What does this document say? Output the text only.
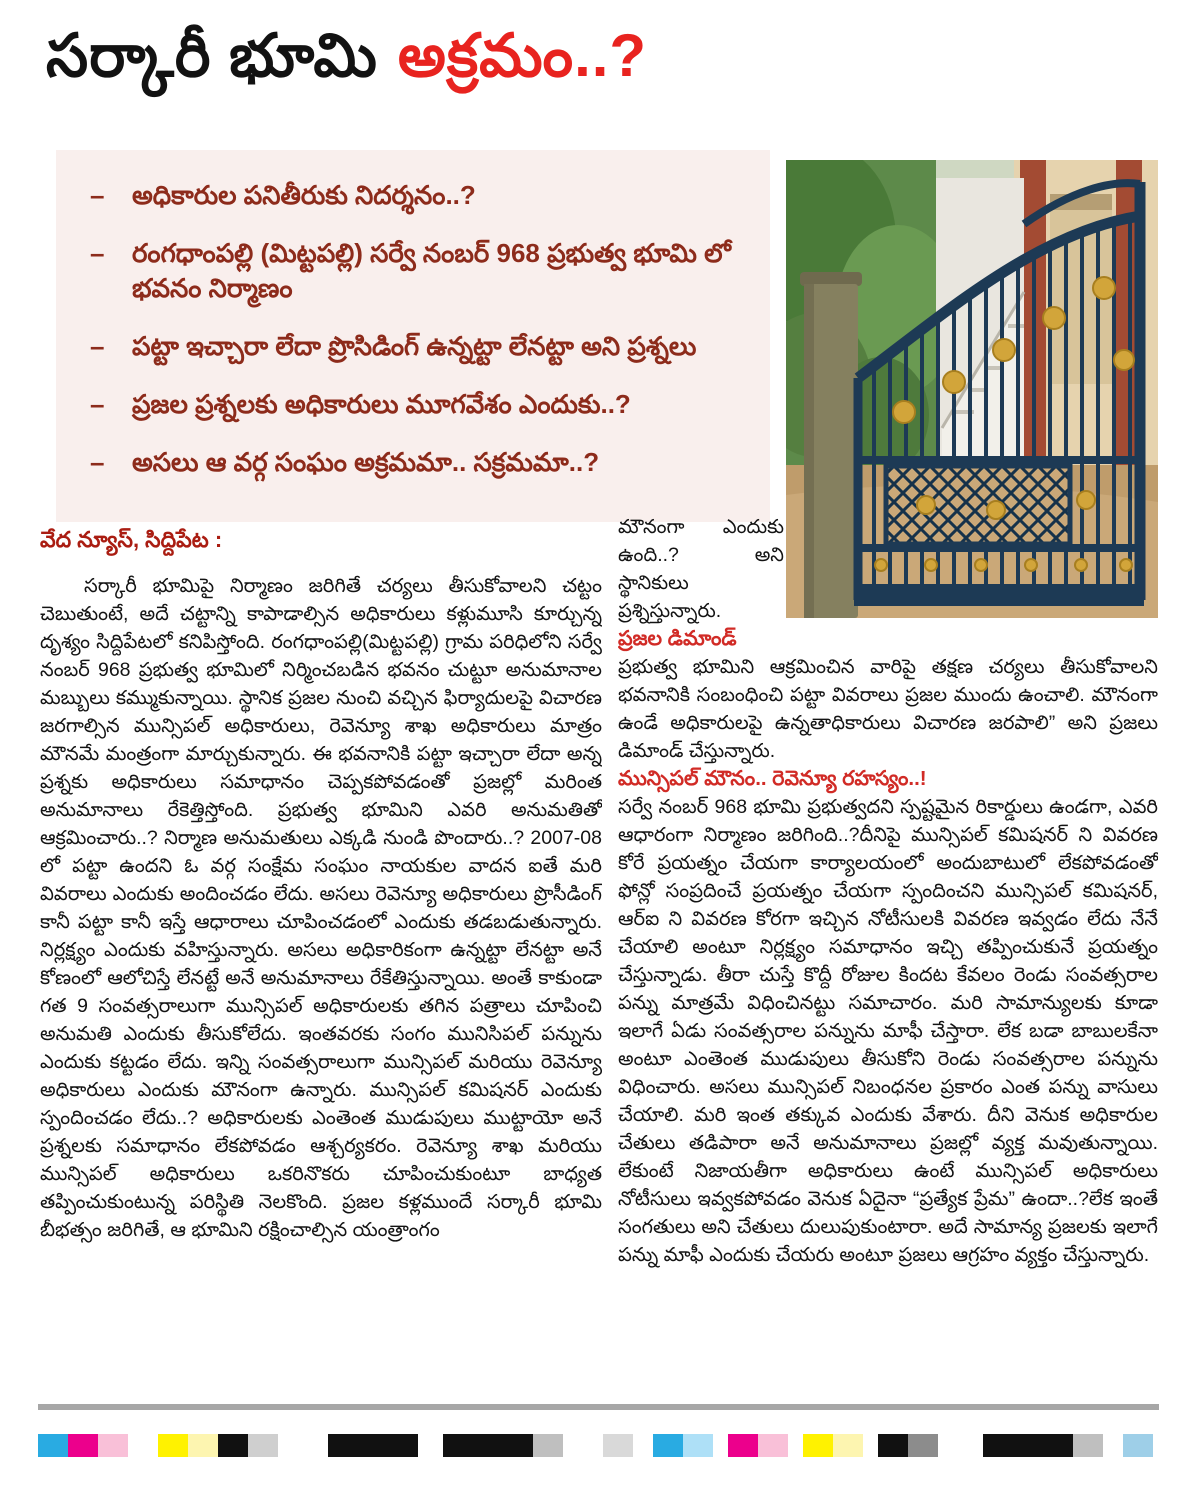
సర్కారీ భూమి అక్రమం..?
– అధికారుల పనితీరుకు నిదర్శనం..?
– రంగధాంపల్లి (మిట్టపల్లి) సర్వే నంబర్ 968 ప్రభుత్వ భూమి లో భవనం నిర్మాణం
– పట్టా ఇచ్చారా లేదా ప్రొసిడింగ్ ఉన్నట్టా లేనట్టా అని ప్రశ్నలు
– ప్రజల ప్రశ్నలకు అధికారులు మూగవేశం ఎందుకు..?
– అసలు ఆ వర్గ సంఘం అక్రమమా.. సక్రమమా..?

వేద న్యూస్, సిద్దిపేట :

సర్కారీ భూమిపై నిర్మాణం జరిగితే చర్యలు తీసుకోవాలని చట్టం చెబుతుంటే, అదే చట్టాన్ని కాపాడాల్సిన అధికారులు కళ్లుమూసి కూర్చున్న దృశ్యం సిద్దిపేటలో కనిపిస్తోంది. రంగధాంపల్లి(మిట్టపల్లి) గ్రామ పరిధిలోని సర్వే నంబర్ 968 ప్రభుత్వ భూమిలో నిర్మించబడిన భవనం చుట్టూ అనుమానాల మబ్బులు కమ్ముకున్నాయి. స్థానిక ప్రజల నుంచి వచ్చిన ఫిర్యాదులపై విచారణ జరగాల్సిన మున్సిపల్ అధికారులు, రెవెన్యూ శాఖ అధికారులు మాత్రం మౌనమే మంత్రంగా మార్చుకున్నారు. ఈ భవనానికి పట్టా ఇచ్చారా లేదా అన్న ప్రశ్నకు అధికారులు సమాధానం చెప్పకపోవడంతో ప్రజల్లో మరింత అనుమానాలు రేకెత్తిస్తోంది. ప్రభుత్వ భూమిని ఎవరి అనుమతితో ఆక్రమించారు..? నిర్మాణ అనుమతులు ఎక్కడి నుండి పొందారు..? 2007-08 లో పట్టా ఉందని ఓ వర్గ సంక్షేమ సంఘం నాయకుల వాదన ఐతే మరి వివరాలు ఎందుకు అందించడం లేదు. అసలు రెవెన్యూ అధికారులు ప్రొసీడింగ్ కానీ పట్టా కానీ ఇస్తే ఆధారాలు చూపించడంలో ఎందుకు తడబడుతున్నారు. నిర్లక్ష్యం ఎందుకు వహిస్తున్నారు. అసలు అధికారికంగా ఉన్నట్టా లేనట్టా అనే కోణంలో ఆలోచిస్తే లేనట్టే అనే అనుమానాలు రేకేతిస్తున్నాయి. అంతే కాకుండా గత 9 సంవత్సరాలుగా మున్సిపల్ అధికారులకు తగిన పత్రాలు చూపించి అనుమతి ఎందుకు తీసుకోలేదు. ఇంతవరకు సంగం మునిసిపల్ పన్నును ఎందుకు కట్టడం లేదు. ఇన్ని సంవత్సరాలుగా మున్సిపల్ మరియు రెవెన్యూ అధికారులు ఎందుకు మౌనంగా ఉన్నారు. మున్సిపల్ కమిషనర్ ఎందుకు స్పందించడం లేదు..? అధికారులకు ఎంతెంత ముడుపులు ముట్టాయో అనే ప్రశ్నలకు సమాధానం లేకపోవడం ఆశ్చర్యకరం. రెవెన్యూ శాఖ మరియు మున్సిపల్ అధికారులు ఒకరినొకరు చూపించుకుంటూ బాధ్యత తప్పించుకుంటున్న పరిస్థితి నెలకొంది. ప్రజల కళ్లముందే సర్కారీ భూమి బీభత్సం జరిగితే, ఆ భూమిని రక్షించాల్సిన యంత్రాంగం

మౌనంగా ఎందుకు ఉంది..? అని స్థానికులు ప్రశ్నిస్తున్నారు.

ప్రజల డిమాండ్

ప్రభుత్వ భూమిని ఆక్రమించిన వారిపై తక్షణ చర్యలు తీసుకోవాలని భవనానికి సంబంధించి పట్టా వివరాలు ప్రజల ముందు ఉంచాలి. మౌనంగా ఉండే అధికారులపై ఉన్నతాధికారులు విచారణ జరపాలి” అని ప్రజలు డిమాండ్ చేస్తున్నారు.

మున్సిపల్ మౌనం.. రెవెన్యూ రహస్యం..!

సర్వే నంబర్ 968 భూమి ప్రభుత్వదని స్పష్టమైన రికార్డులు ఉండగా, ఎవరి ఆధారంగా నిర్మాణం జరిగింది..?దీనిపై మున్సిపల్ కమిషనర్ ని వివరణ కోరే ప్రయత్నం చేయగా కార్యాలయంలో అందుబాటులో లేకపోవడంతో ఫోన్లో సంప్రదించే ప్రయత్నం చేయగా స్పందించని మున్సిపల్ కమిషనర్, ఆర్ఐ ని వివరణ కోరగా ఇచ్చిన నోటీసులకి వివరణ ఇవ్వడం లేదు నేనే చేయాలి అంటూ నిర్లక్ష్యం సమాధానం ఇచ్చి తప్పించుకునే ప్రయత్నం చేస్తున్నాడు. తీరా చుస్తే కొద్దీ రోజుల కిందట కేవలం రెండు సంవత్సరాల పన్ను మాత్రమే విధించినట్టు సమాచారం. మరి సామాన్యులకు కూడా ఇలాగే ఏడు సంవత్సరాల పన్నును మాఫీ చేస్తారా. లేక బడా బాబులకేనా అంటూ ఎంతెంత ముడుపులు తీసుకోని రెండు సంవత్సరాల పన్నును విధించారు. అసలు మున్సిపల్ నిబంధనల ప్రకారం ఎంత పన్ను వాసులు చేయాలి. మరి ఇంత తక్కువ ఎందుకు వేశారు. దీని వెనుక అధికారుల చేతులు తడిపారా అనే అనుమానాలు ప్రజల్లో వ్యక్త మవుతున్నాయి. లేకుంటే నిజాయతీగా అధికారులు ఉంటే మున్సిపల్ అధికారులు నోటీసులు ఇవ్వకపోవడం వెనుక ఏదైనా “ప్రత్యేక ప్రేమ” ఉందా..?లేక ఇంతే సంగతులు అని చేతులు దులుపుకుంటారా. అదే సామాన్య ప్రజలకు ఇలాగే పన్ను మాఫీ ఎందుకు చేయరు అంటూ ప్రజలు ఆగ్రహం వ్యక్తం చేస్తున్నారు.
